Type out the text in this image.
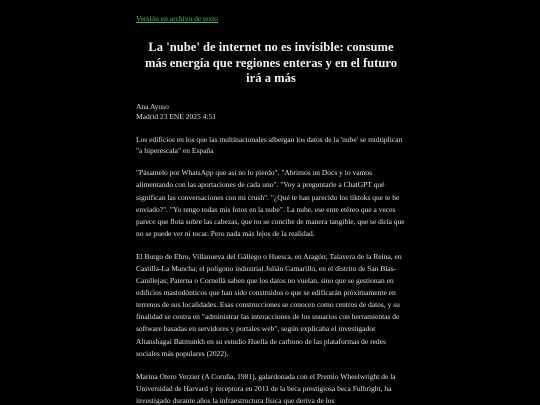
Versión en archivo de texto
La 'nube' de internet no es invisible: consume más energía que regiones enteras y en el futuro irá a más
Ana Ayuso
Madrid 23 ENE 2025 4:51
Los edificios en los que las multinacionales albergan los datos de la 'nube' se multiplican "a hiperescala" en España

"Pásamelo por WhatsApp que así no lo pierdo". "Abrimos un Docs y lo vamos alimentando con las aportaciones de cada uno". "Voy a preguntarle a ChatGPT qué significan las conversaciones con mi crush". "¿Qué te han parecido los tiktoks que te he enviado?". "Yo tengo todas mis fotos en la nube". La nube, ese ente etéreo que a veces parece que flota sobre las cabezas, que no se concibe de manera tangible, que se diría que no se puede ver ni tocar. Pero nada más lejos de la realidad.

El Burgo de Ebro, Villanueva del Gállego o Huesca, en Aragón; Talavera de la Reina, en Castilla-La Mancha; el polígono industrial Julián Camarillo, en el distrito de San Blas-Canillejas; Paterna o Cornellà saben que los datos no vuelan, sino que se gestionan en edificios mastodónticos que han sido construidos o que se edificarán próximamente en terrenos de sus localidades. Esas construcciones se conocen como centros de datos, y su finalidad se centra en "administrar las interacciones de los usuarios con herramientas de software basadas en servidores y portales web", según explicaba el investigador Altansbagai Batmunkh en su estudio Huella de carbono de las plataformas de redes sociales más populares (2022).

Marina Otero Verzier (A Coruña, 1981), galardonada con el Premio Wheelwright de la Universidad de Harvard y receptora en 2011 de la beca prestigiosa beca Fulbright, ha investigado durante años la infraestructura física que deriva de los
